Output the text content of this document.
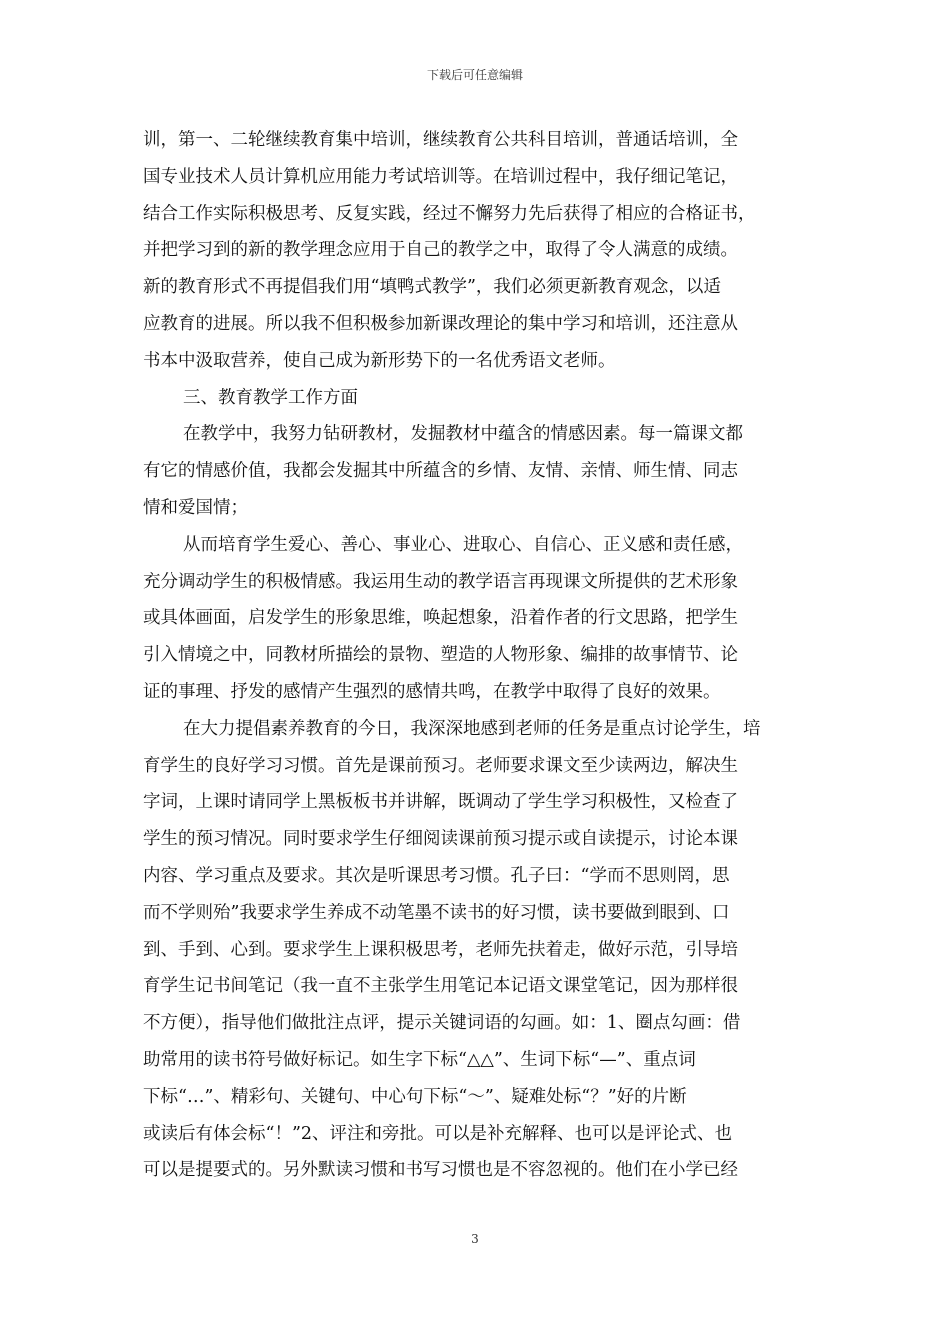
下载后可任意编辑
训，第一、二轮继续教育集中培训，继续教育公共科目培训，普通话培训，全
国专业技术人员计算机应用能力考试培训等。在培训过程中，我仔细记笔记，
结合工作实际积极思考、反复实践，经过不懈努力先后获得了相应的合格证书，
并把学习到的新的教学理念应用于自己的教学之中，取得了令人满意的成绩。
新的教育形式不再提倡我们用“填鸭式教学”，我们必须更新教育观念，以适
应教育的进展。所以我不但积极参加新课改理论的集中学习和培训，还注意从
书本中汲取营养，使自己成为新形势下的一名优秀语文老师。
三、教育教学工作方面
在教学中，我努力钻研教材，发掘教材中蕴含的情感因素。每一篇课文都
有它的情感价值，我都会发掘其中所蕴含的乡情、友情、亲情、师生情、同志
情和爱国情；
从而培育学生爱心、善心、事业心、进取心、自信心、正义感和责任感，
充分调动学生的积极情感。我运用生动的教学语言再现课文所提供的艺术形象
或具体画面，启发学生的形象思维，唤起想象，沿着作者的行文思路，把学生
引入情境之中，同教材所描绘的景物、塑造的人物形象、编排的故事情节、论
证的事理、抒发的感情产生强烈的感情共鸣，在教学中取得了良好的效果。
在大力提倡素养教育的今日，我深深地感到老师的任务是重点讨论学生，培
育学生的良好学习习惯。首先是课前预习。老师要求课文至少读两边，解决生
字词，上课时请同学上黑板板书并讲解，既调动了学生学习积极性，又检查了
学生的预习情况。同时要求学生仔细阅读课前预习提示或自读提示，讨论本课
内容、学习重点及要求。其次是听课思考习惯。孔子曰：“学而不思则罔，思
而不学则殆”我要求学生养成不动笔墨不读书的好习惯，读书要做到眼到、口
到、手到、心到。要求学生上课积极思考，老师先扶着走，做好示范，引导培
育学生记书间笔记（我一直不主张学生用笔记本记语文课堂笔记，因为那样很
不方便），指导他们做批注点评，提示关键词语的勾画。如：1、圈点勾画：借
助常用的读书符号做好标记。如生字下标“△△”、生词下标“—”、重点词
下标“…”、精彩句、关键句、中心句下标“～”、疑难处标“？”好的片断
或读后有体会标“！”2、评注和旁批。可以是补充解释、也可以是评论式、也
可以是提要式的。另外默读习惯和书写习惯也是不容忽视的。他们在小学已经
3
